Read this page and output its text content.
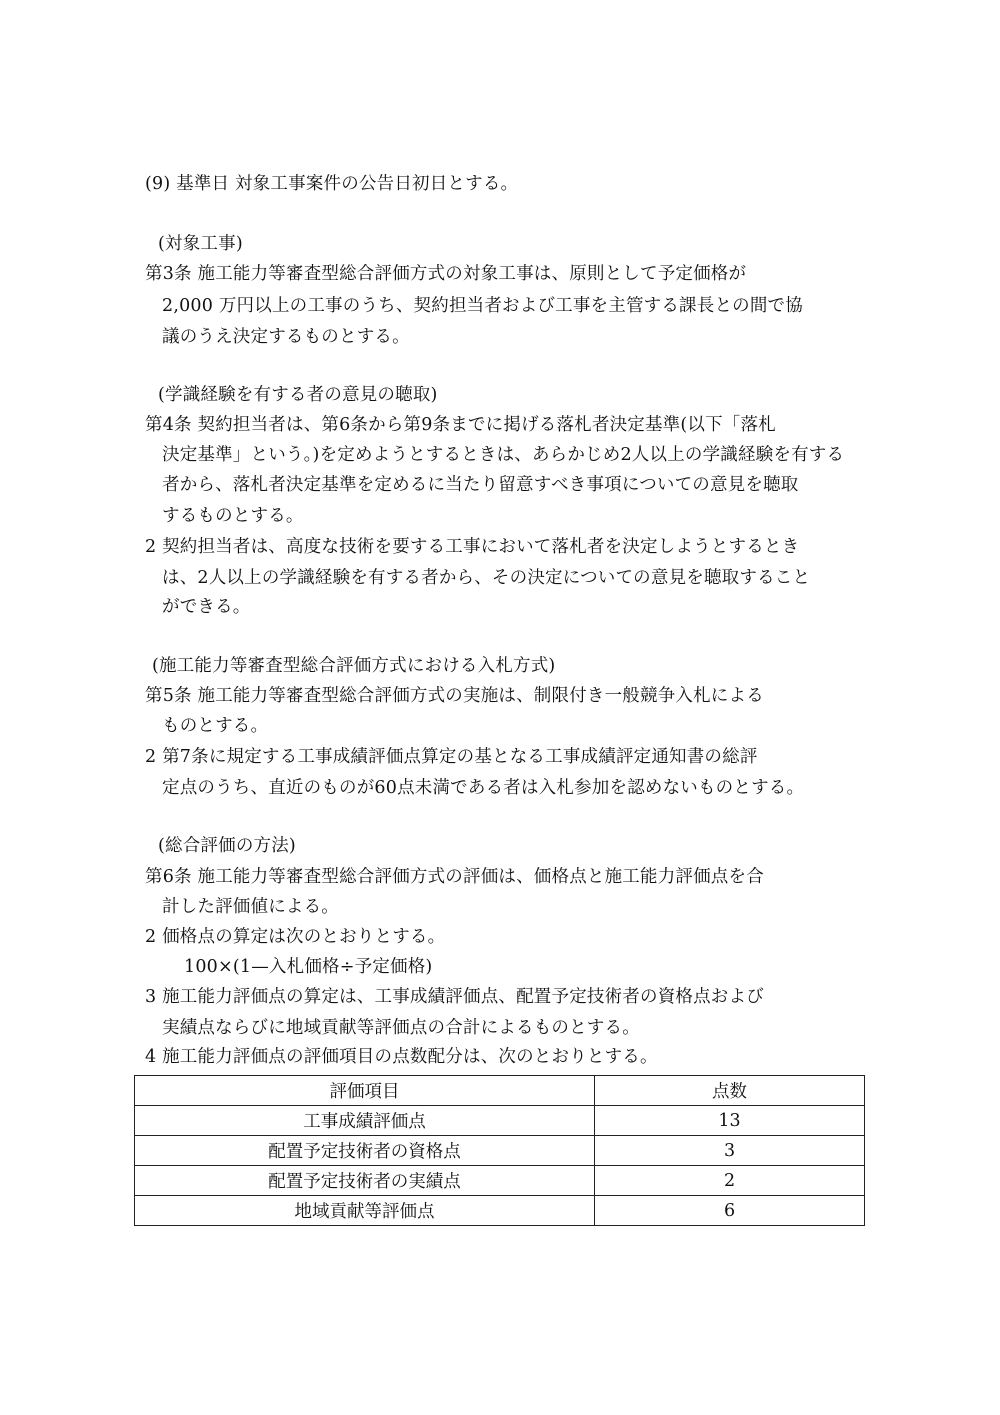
(9) 基準日 対象工事案件の公告日初日とする。
(対象工事)
第3条 施工能力等審査型総合評価方式の対象工事は、原則として予定価格が
2,000 万円以上の工事のうち、契約担当者および工事を主管する課長との間で協
議のうえ決定するものとする。
(学識経験を有する者の意見の聴取)
第4条 契約担当者は、第6条から第9条までに掲げる落札者決定基準(以下「落札
決定基準」という。)を定めようとするときは、あらかじめ2人以上の学識経験を有する
者から、落札者決定基準を定めるに当たり留意すべき事項についての意見を聴取
するものとする。
2 契約担当者は、高度な技術を要する工事において落札者を決定しようとするとき
は、2人以上の学識経験を有する者から、その決定についての意見を聴取すること
ができる。
(施工能力等審査型総合評価方式における入札方式)
第5条 施工能力等審査型総合評価方式の実施は、制限付き一般競争入札による
ものとする。
2 第7条に規定する工事成績評価点算定の基となる工事成績評定通知書の総評
定点のうち、直近のものが60点未満である者は入札参加を認めないものとする。
(総合評価の方法)
第6条 施工能力等審査型総合評価方式の評価は、価格点と施工能力評価点を合
計した評価値による。
2 価格点の算定は次のとおりとする。
100×(1—入札価格÷予定価格)
3 施工能力評価点の算定は、工事成績評価点、配置予定技術者の資格点および
実績点ならびに地域貢献等評価点の合計によるものとする。
4 施工能力評価点の評価項目の点数配分は、次のとおりとする。
評価項目	点数
工事成績評価点	13
配置予定技術者の資格点	3
配置予定技術者の実績点	2
地域貢献等評価点	6
